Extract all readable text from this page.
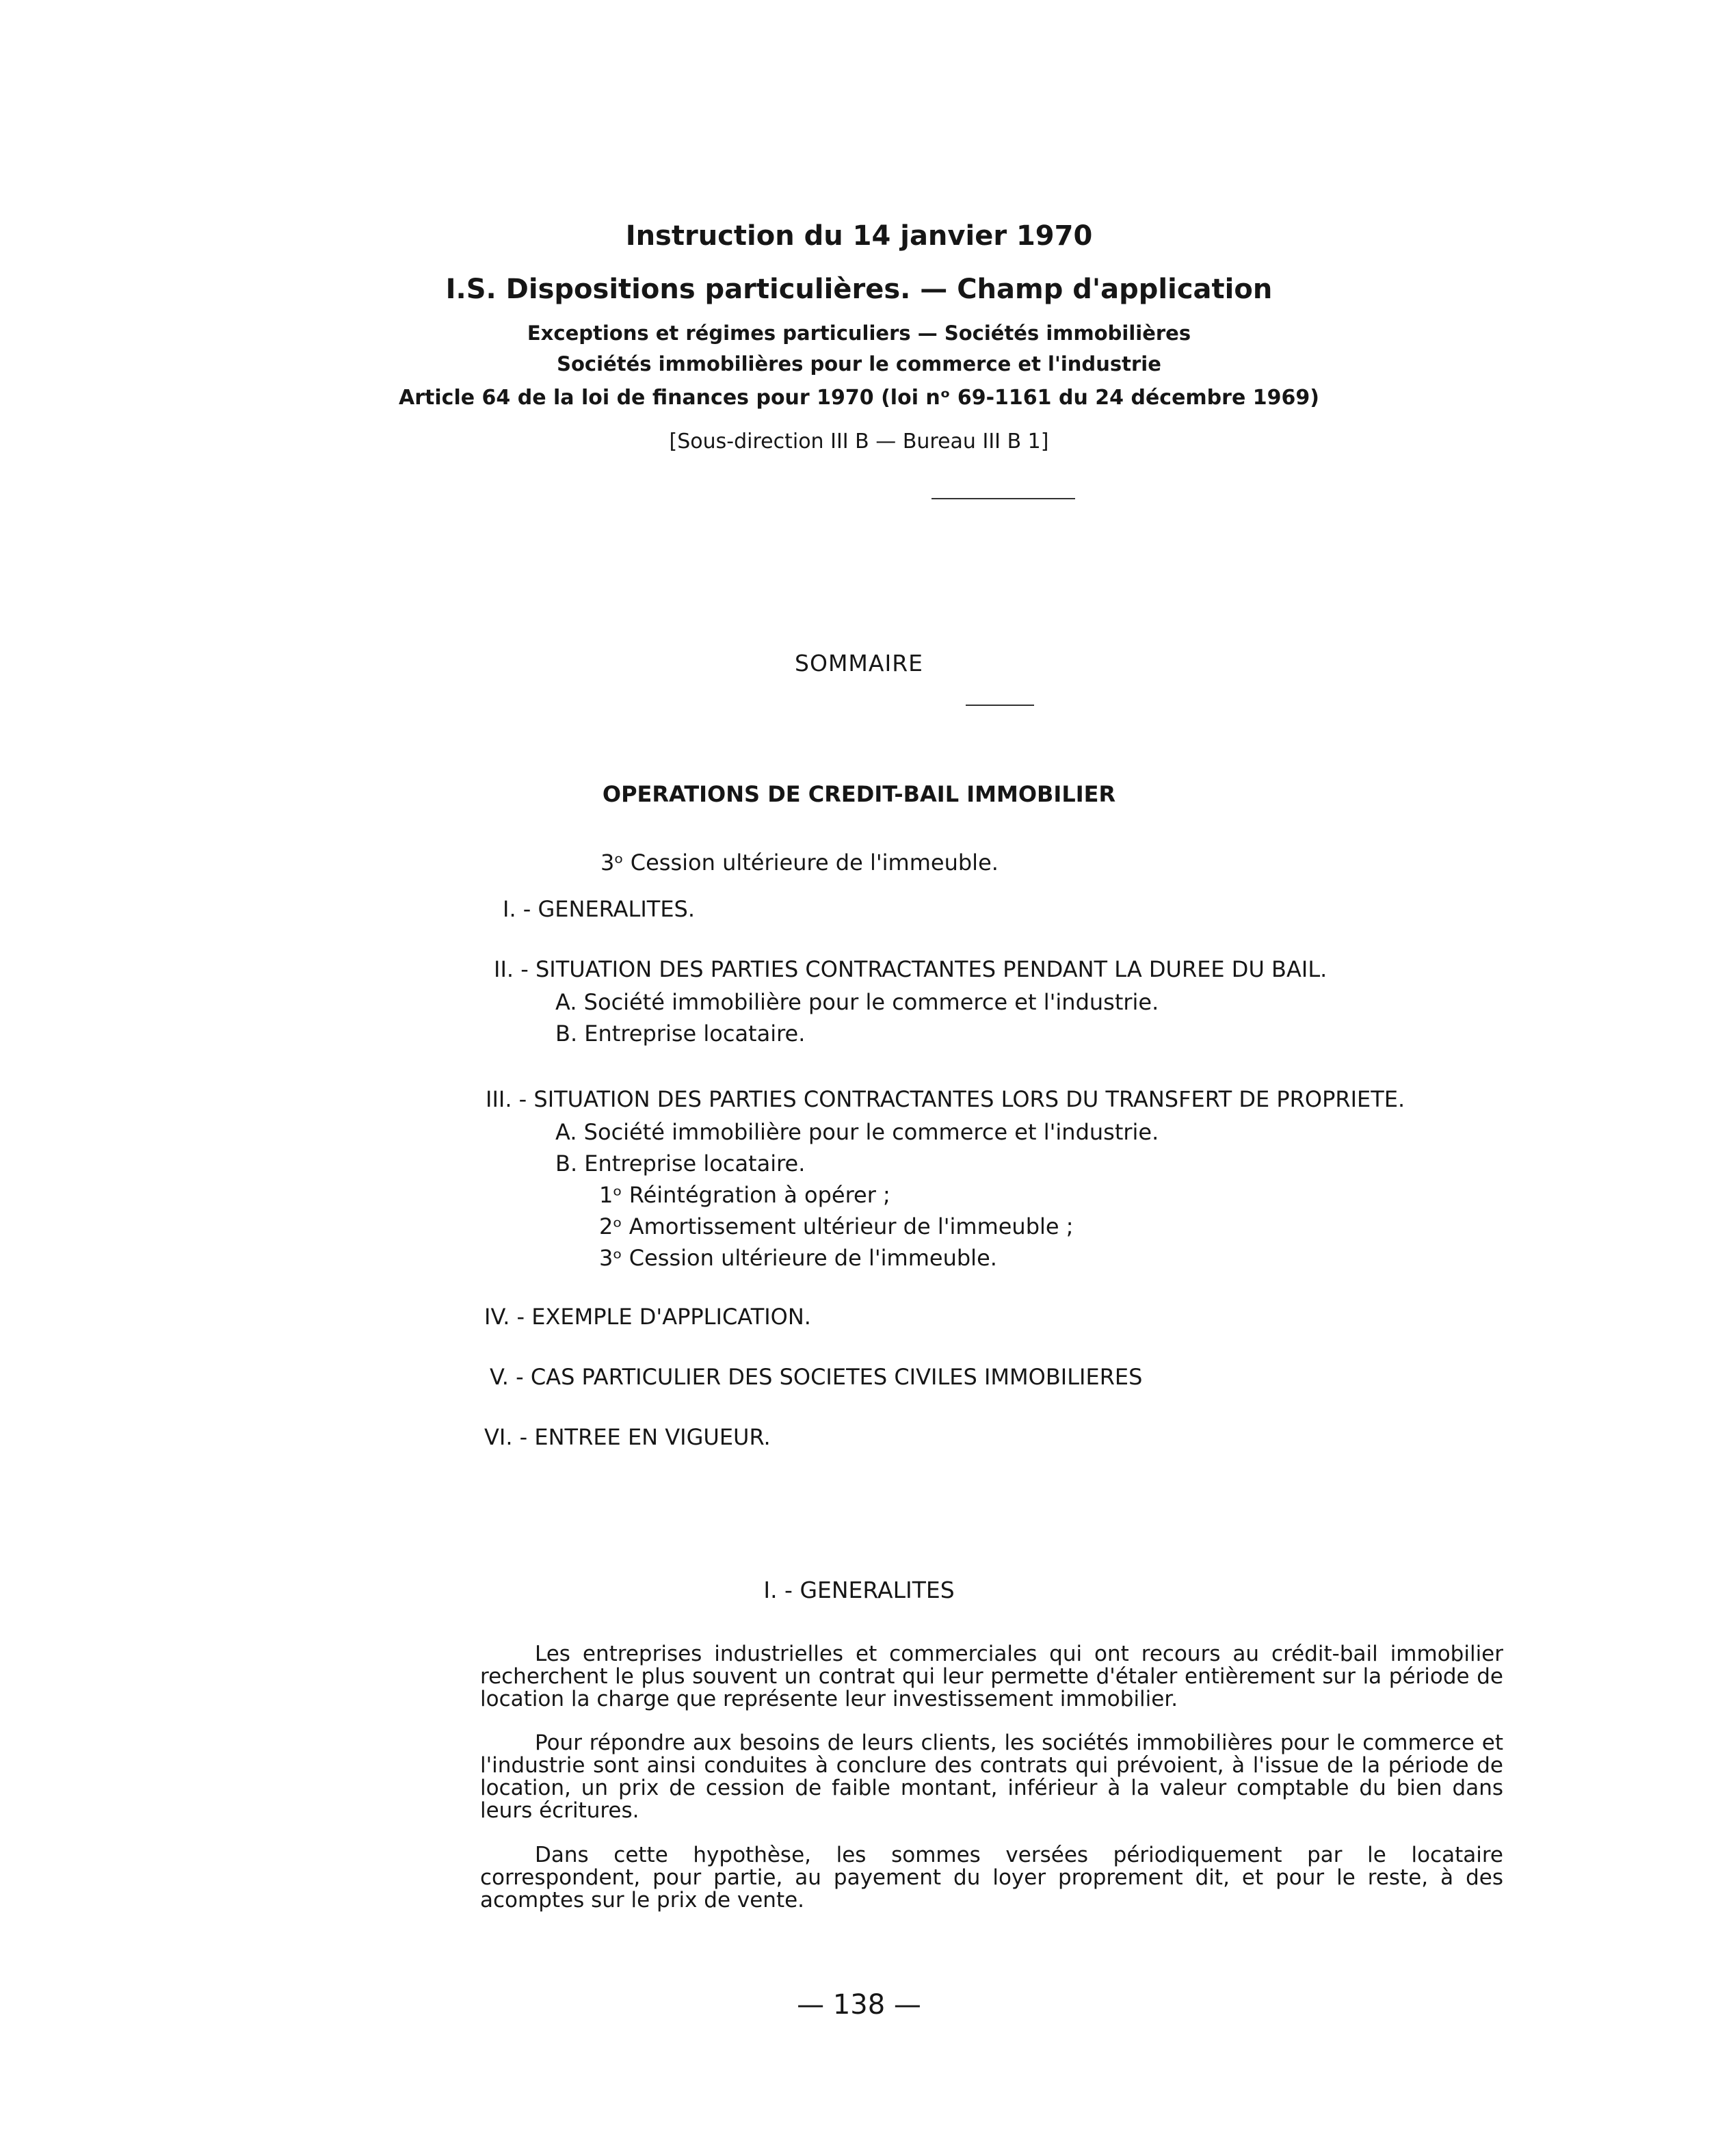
Instruction du 14 janvier 1970
I.S. Dispositions particulières. — Champ d'application
Exceptions et régimes particuliers — Sociétés immobilières
Sociétés immobilières pour le commerce et l'industrie
Article 64 de la loi de finances pour 1970 (loi nᵒ 69-1161 du 24 décembre 1969)
[Sous-direction III B — Bureau III B 1]
SOMMAIRE
OPERATIONS DE CREDIT-BAIL IMMOBILIER
3ᵒ Cession ultérieure de l'immeuble.
I. - GENERALITES.
II. - SITUATION DES PARTIES CONTRACTANTES PENDANT LA DUREE DU BAIL.
A. Société immobilière pour le commerce et l'industrie.
B. Entreprise locataire.
III. - SITUATION DES PARTIES CONTRACTANTES LORS DU TRANSFERT DE PROPRIETE.
A. Société immobilière pour le commerce et l'industrie.
B. Entreprise locataire.
1ᵒ Réintégration à opérer ;
2ᵒ Amortissement ultérieur de l'immeuble ;
3ᵒ Cession ultérieure de l'immeuble.
IV. - EXEMPLE D'APPLICATION.
V. - CAS PARTICULIER DES SOCIETES CIVILES IMMOBILIERES
VI. - ENTREE EN VIGUEUR.
I. - GENERALITES
Les entreprises industrielles et commerciales qui ont recours au crédit-bail immobilier recherchent le plus souvent un contrat qui leur permette d'étaler entièrement sur la période de location la charge que représente leur investissement immobilier.
Pour répondre aux besoins de leurs clients, les sociétés immobilières pour le commerce et l'industrie sont ainsi conduites à conclure des contrats qui prévoient, à l'issue de la période de location, un prix de cession de faible montant, inférieur à la valeur comptable du bien dans leurs écritures.
Dans cette hypothèse, les sommes versées périodiquement par le locataire correspondent, pour partie, au payement du loyer proprement dit, et pour le reste, à des acomptes sur le prix de vente.
— 138 —
